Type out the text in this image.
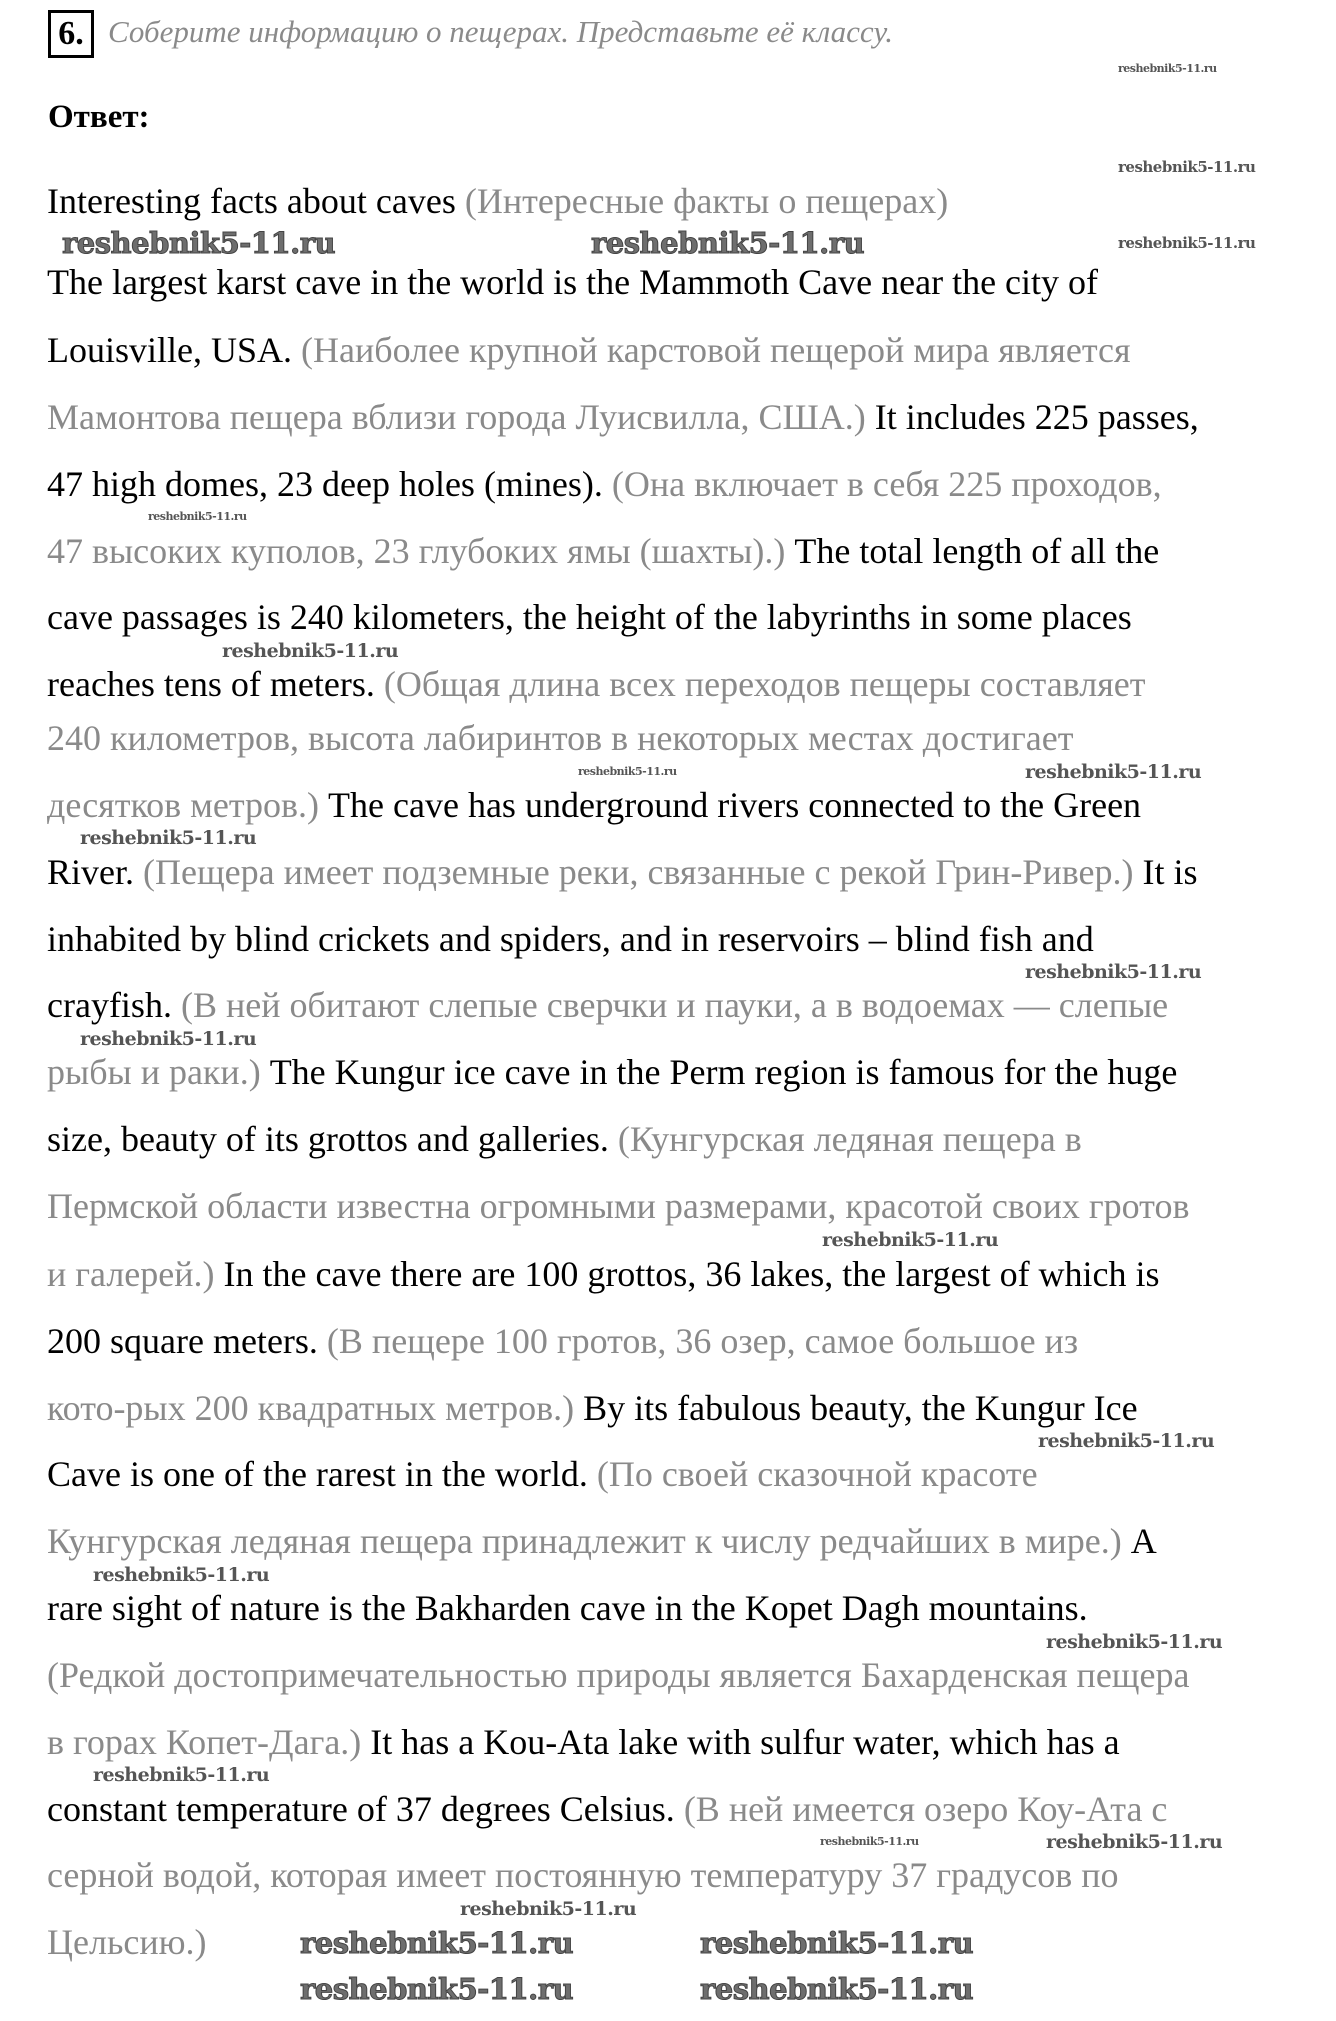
6. Соберите информацию о пещерах. Представьте её классу.
Ответ:
Interesting facts about caves (Интересные факты о пещерах)
The largest karst cave in the world is the Mammoth Cave near the city of
Louisville, USA. (Наиболее крупной карстовой пещерой мира является
Мамонтова пещера вблизи города Луисвилла, США.) It includes 225 passes,
47 high domes, 23 deep holes (mines). (Она включает в себя 225 проходов,
47 высоких куполов, 23 глубоких ямы (шахты).) The total length of all the
cave passages is 240 kilometers, the height of the labyrinths in some places
reaches tens of meters. (Общая длина всех переходов пещеры составляет
240 километров, высота лабиринтов в некоторых местах достигает
десятков метров.) The cave has underground rivers connected to the Green
River. (Пещера имеет подземные реки, связанные с рекой Грин-Ривер.) It is
inhabited by blind crickets and spiders, and in reservoirs – blind fish and
crayfish. (В ней обитают слепые сверчки и пауки, а в водоемах — слепые
рыбы и раки.) The Kungur ice cave in the Perm region is famous for the huge
size, beauty of its grottos and galleries. (Кунгурская ледяная пещера в
Пермской области известна огромными размерами, красотой своих гротов
и галерей.) In the cave there are 100 grottos, 36 lakes, the largest of which is
200 square meters. (В пещере 100 гротов, 36 озер, самое большое из
кото-рых 200 квадратных метров.) By its fabulous beauty, the Kungur Ice
Cave is one of the rarest in the world. (По своей сказочной красоте
Кунгурская ледяная пещера принадлежит к числу редчайших в мире.) A
rare sight of nature is the Bakharden cave in the Kopet Dagh mountains.
(Редкой достопримечательностью природы является Бахарденская пещера
в горах Копет-Дага.) It has a Kou-Ata lake with sulfur water, which has a
constant temperature of 37 degrees Celsius. (В ней имеется озеро Коу-Ата с
серной водой, которая имеет постоянную температуру 37 градусов по
Цельсию.)
reshebnik5-11.ru
reshebnik5-11.ru
reshebnik5-11.ru	reshebnik5-11.ru	reshebnik5-11.ru
reshebnik5-11.ru
reshebnik5-11.ru
reshebnik5-11.ru	reshebnik5-11.ru
reshebnik5-11.ru
reshebnik5-11.ru
reshebnik5-11.ru
reshebnik5-11.ru
reshebnik5-11.ru
reshebnik5-11.ru
reshebnik5-11.ru
reshebnik5-11.ru
reshebnik5-11.ru
reshebnik5-11.ru
reshebnik5-11.ru
reshebnik5-11.ru	reshebnik5-11.ru
reshebnik5-11.ru	reshebnik5-11.ru
